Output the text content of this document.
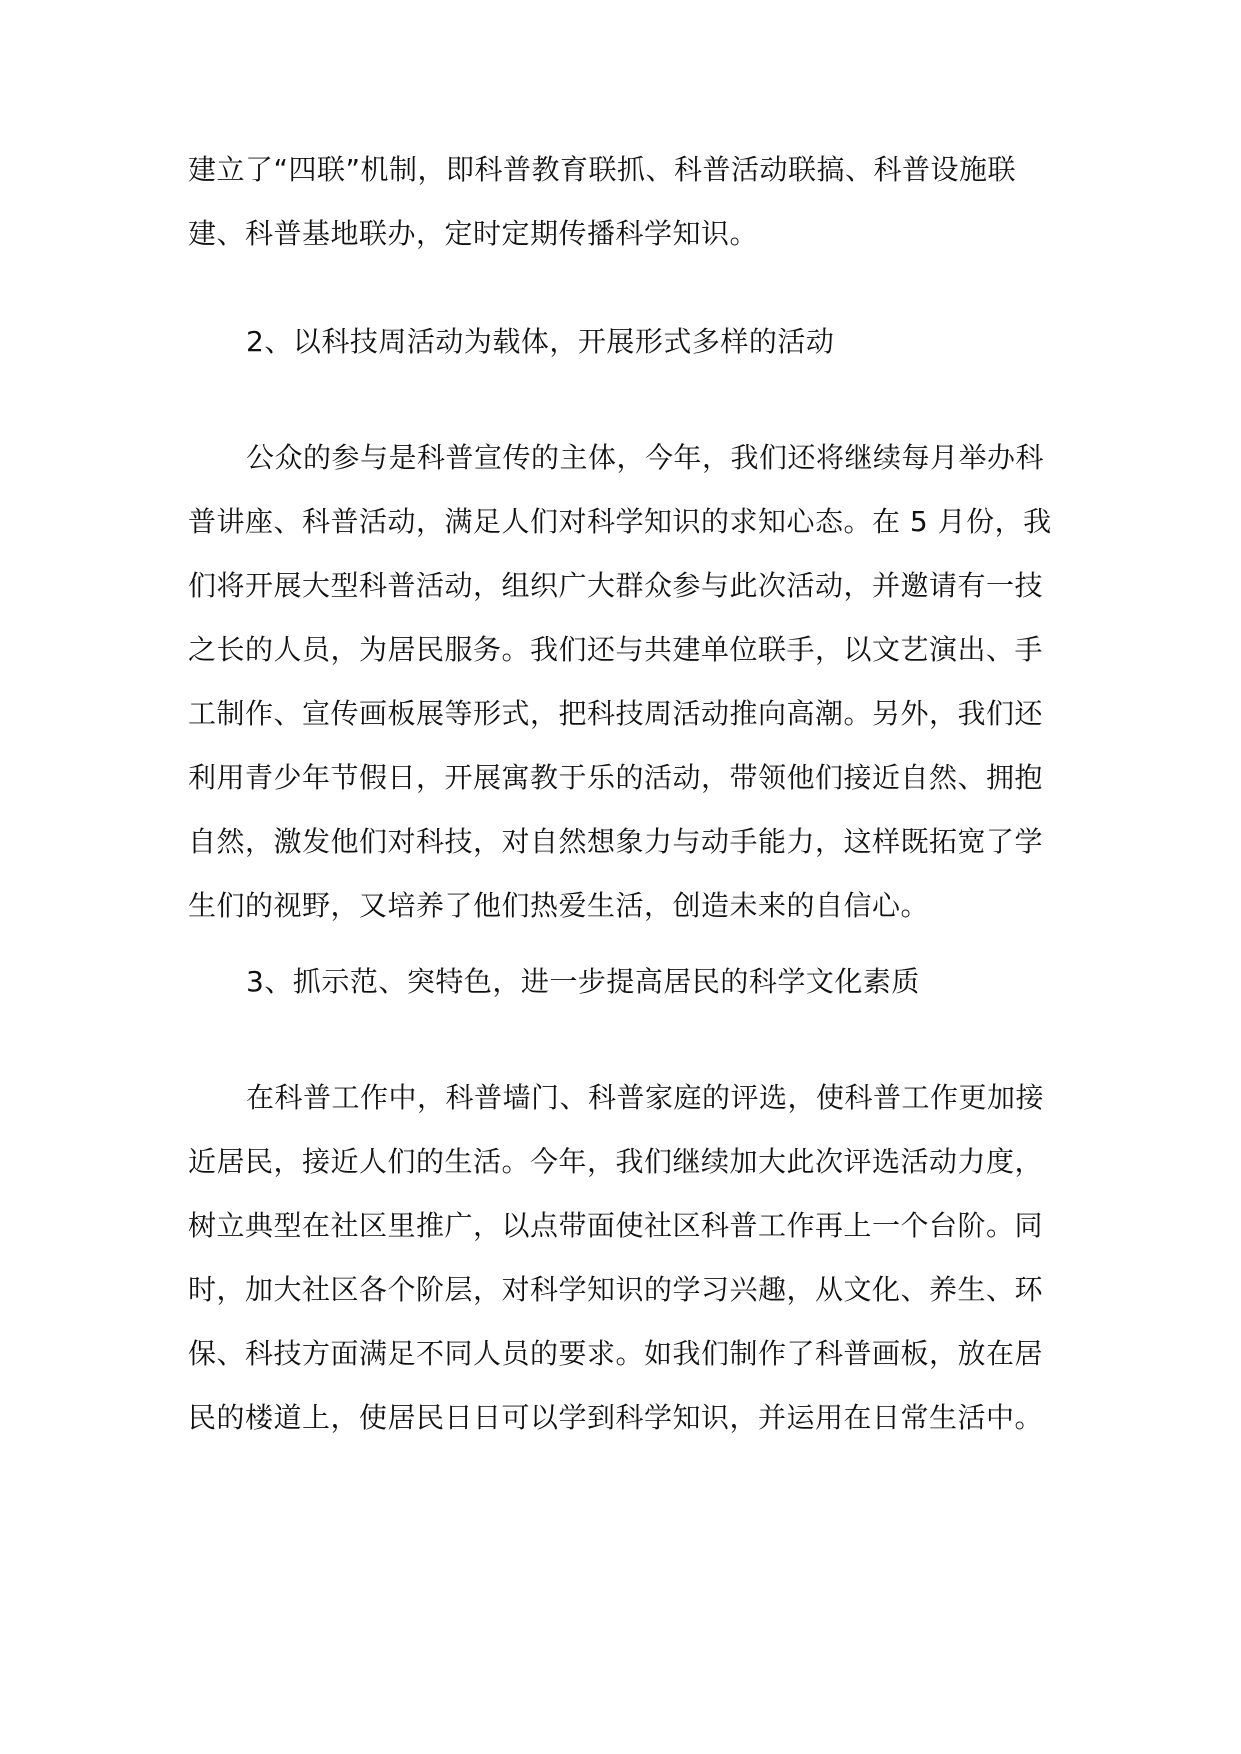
建立了“四联”机制，即科普教育联抓、科普活动联搞、科普设施联
建、科普基地联办，定时定期传播科学知识。
2、以科技周活动为载体，开展形式多样的活动
公众的参与是科普宣传的主体，今年，我们还将继续每月举办科
普讲座、科普活动，满足人们对科学知识的求知心态。在 5 月份，我
们将开展大型科普活动，组织广大群众参与此次活动，并邀请有一技
之长的人员，为居民服务。我们还与共建单位联手，以文艺演出、手
工制作、宣传画板展等形式，把科技周活动推向高潮。另外，我们还
利用青少年节假日，开展寓教于乐的活动，带领他们接近自然、拥抱
自然，激发他们对科技，对自然想象力与动手能力，这样既拓宽了学
生们的视野，又培养了他们热爱生活，创造未来的自信心。
3、抓示范、突特色，进一步提高居民的科学文化素质
在科普工作中，科普墙门、科普家庭的评选，使科普工作更加接
近居民，接近人们的生活。今年，我们继续加大此次评选活动力度，
树立典型在社区里推广，以点带面使社区科普工作再上一个台阶。同
时，加大社区各个阶层，对科学知识的学习兴趣，从文化、养生、环
保、科技方面满足不同人员的要求。如我们制作了科普画板，放在居
民的楼道上，使居民日日可以学到科学知识，并运用在日常生活中。
